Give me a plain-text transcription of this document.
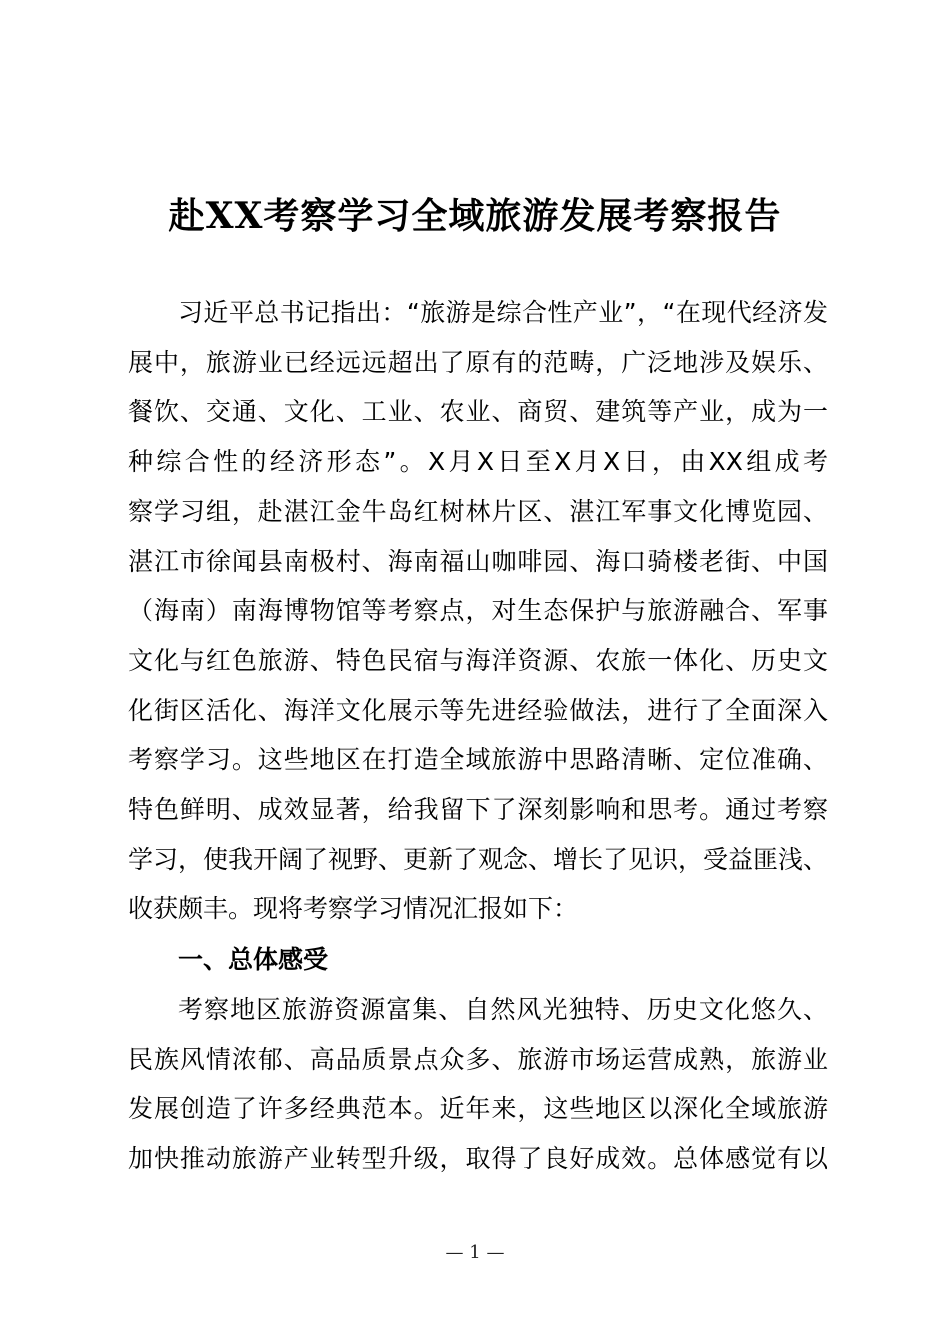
赴XX考察学习全域旅游发展考察报告
习近平总书记指出：“旅游是综合性产业”，“在现代经济发
展中，旅游业已经远远超出了原有的范畴，广泛地涉及娱乐、
餐饮、交通、文化、工业、农业、商贸、建筑等产业，成为一
种综合性的经济形态”。X月X日至X月X日，由XX组成考
察学习组，赴湛江金牛岛红树林片区、湛江军事文化博览园、
湛江市徐闻县南极村、海南福山咖啡园、海口骑楼老街、中国
（海南）南海博物馆等考察点，对生态保护与旅游融合、军事
文化与红色旅游、特色民宿与海洋资源、农旅一体化、历史文
化街区活化、海洋文化展示等先进经验做法，进行了全面深入
考察学习。这些地区在打造全域旅游中思路清晰、定位准确、
特色鲜明、成效显著，给我留下了深刻影响和思考。通过考察
学习，使我开阔了视野、更新了观念、增长了见识，受益匪浅、
收获颇丰。现将考察学习情况汇报如下：
一、总体感受
考察地区旅游资源富集、自然风光独特、历史文化悠久、
民族风情浓郁、高品质景点众多、旅游市场运营成熟，旅游业
发展创造了许多经典范本。近年来，这些地区以深化全域旅游
加快推动旅游产业转型升级，取得了良好成效。总体感觉有以
— 1 —
